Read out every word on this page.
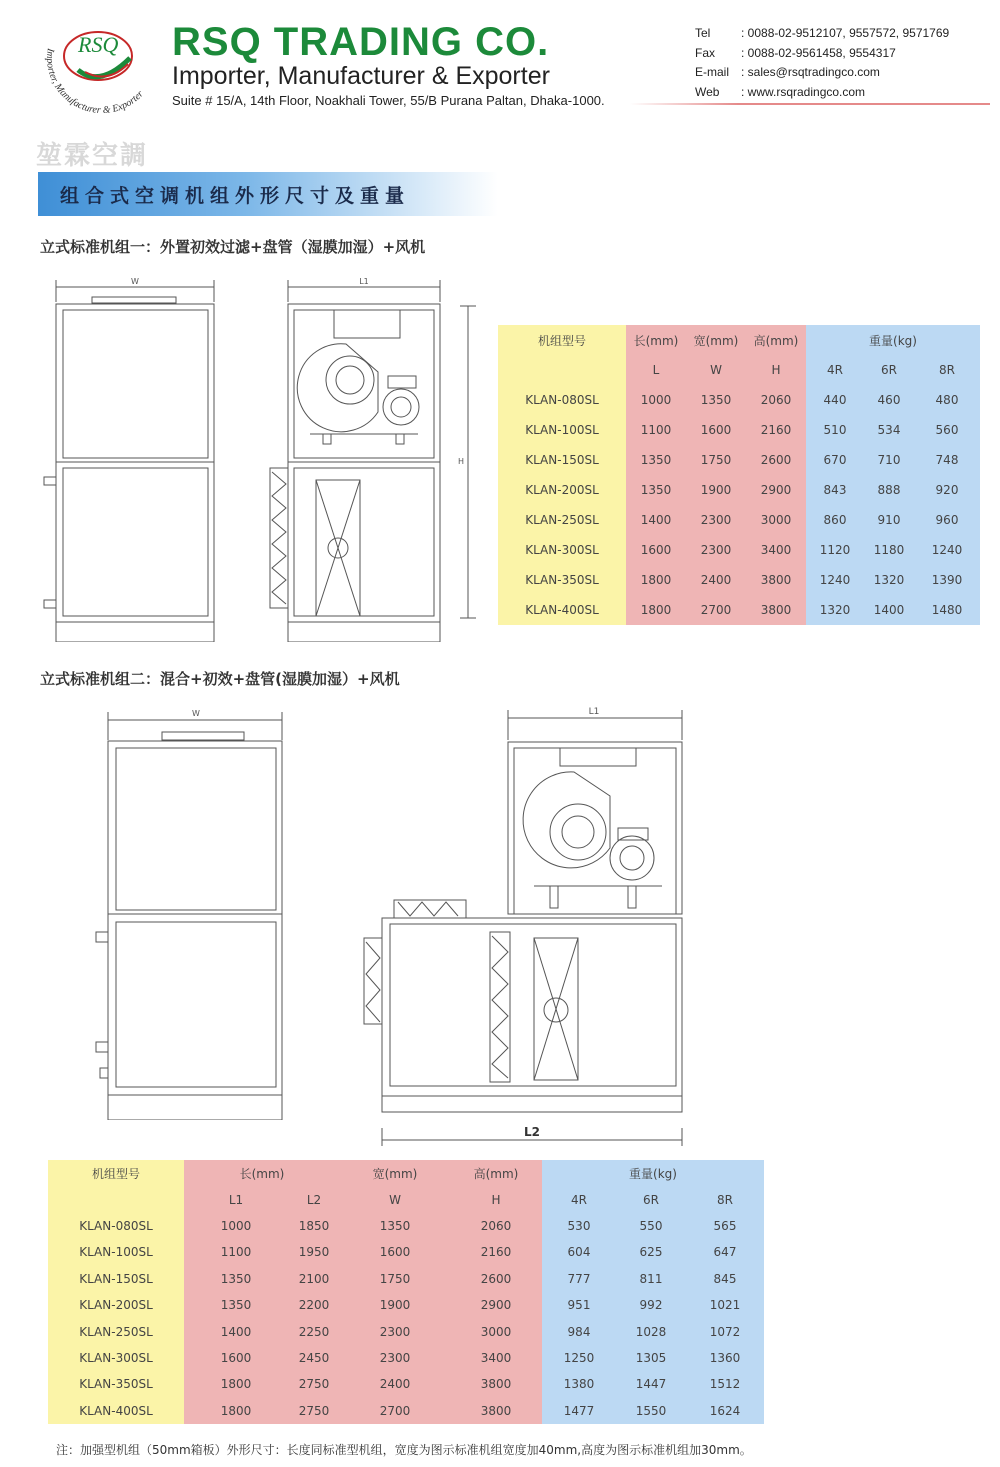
RSQ
Importer, Manufacturer & Exporter
RSQ TRADING CO.
Importer, Manufacturer & Exporter
Suite # 15/A, 14th Floor, Noakhali Tower, 55/B Purana Paltan, Dhaka-1000.
Tel	: 0088-02-9512107, 9557572, 9571769
Fax	: 0088-02-9561458, 9554317
E-mail : sales@rsqtradingco.com
Web	: www.rsqradingco.com
堃霖空調
组合式空调机组外形尺寸及重量
立式标准机组一：外置初效过滤+盘管（湿膜加湿）+风机
W	L1
H
机组型号	长(mm)	宽(mm)	高(mm)	重量(kg)		
	L	W	H	4R	6R	8R
KLAN-080SL	1000	1350	2060	440	460	480
KLAN-100SL	1100	1600	2160	510	534	560
KLAN-150SL	1350	1750	2600	670	710	748
KLAN-200SL	1350	1900	2900	843	888	920
KLAN-250SL	1400	2300	3000	860	910	960
KLAN-300SL	1600	2300	3400	1120	1180	1240
KLAN-350SL	1800	2400	3800	1240	1320	1390
KLAN-400SL	1800	2700	3800	1320	1400	1480
立式标准机组二：混合+初效+盘管(湿膜加湿）+风机
W	L1
L2
机组型号	长(mm)		宽(mm)	高(mm)	重量(kg)		
	L1	L2	W	H	4R	6R	8R
KLAN-080SL	1000	1850	1350	2060	530	550	565
KLAN-100SL	1100	1950	1600	2160	604	625	647
KLAN-150SL	1350	2100	1750	2600	777	811	845
KLAN-200SL	1350	2200	1900	2900	951	992	1021
KLAN-250SL	1400	2250	2300	3000	984	1028	1072
KLAN-300SL	1600	2450	2300	3400	1250	1305	1360
KLAN-350SL	1800	2750	2400	3800	1380	1447	1512
KLAN-400SL	1800	2750	2700	3800	1477	1550	1624
注：加强型机组（50mm箱板）外形尺寸：长度同标准型机组，宽度为图示标准机组宽度加40mm,高度为图示标准机组加30mm。
